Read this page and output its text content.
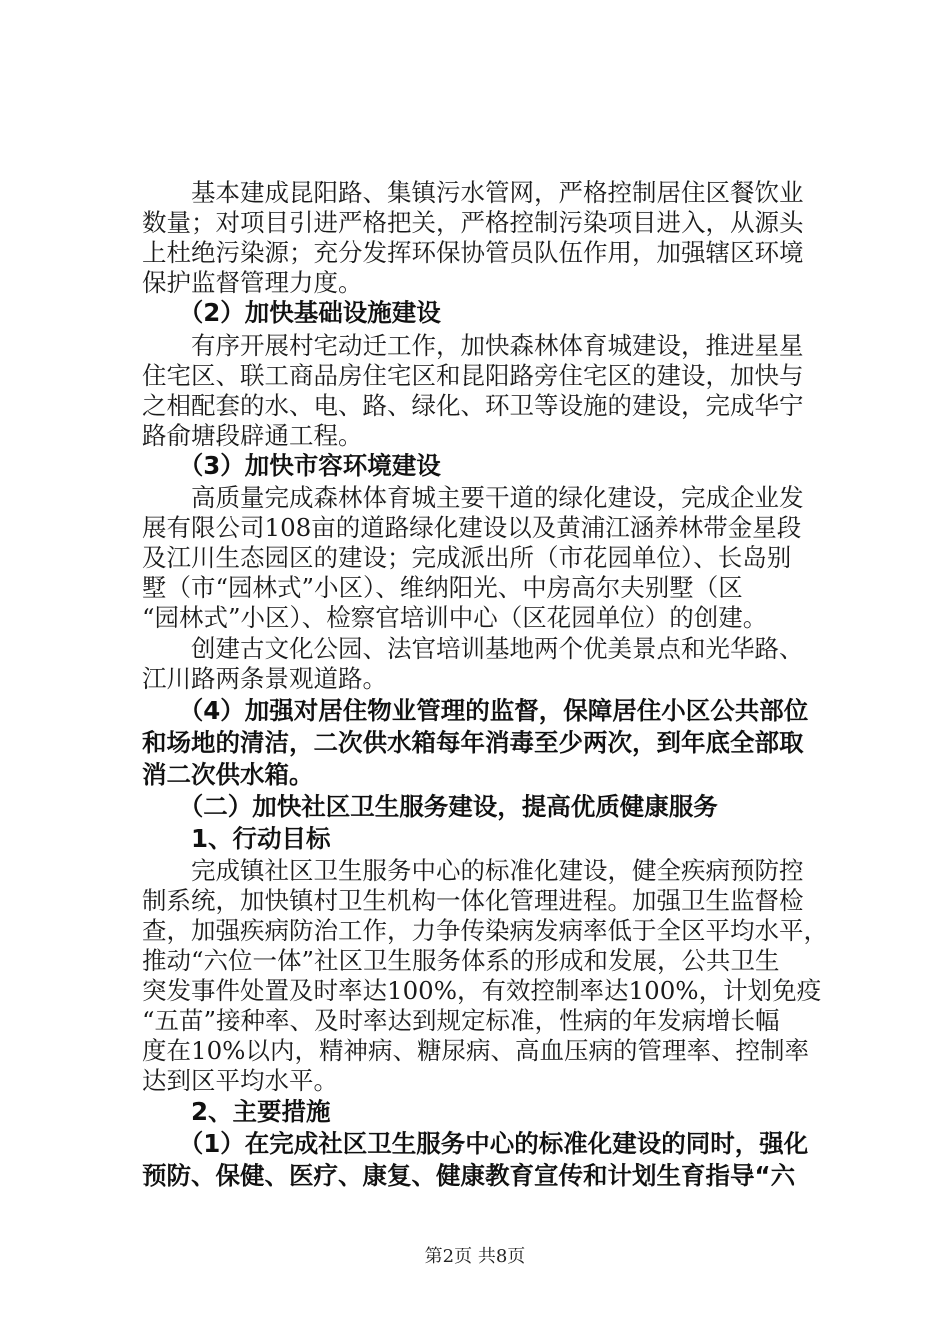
　　基本建成昆阳路、集镇污水管网，严格控制居住区餐饮业
数量；对项目引进严格把关，严格控制污染项目进入，从源头
上杜绝污染源；充分发挥环保协管员队伍作用，加强辖区环境
保护监督管理力度。
　　（2）加快基础设施建设
　　有序开展村宅动迁工作，加快森林体育城建设，推进星星
住宅区、联工商品房住宅区和昆阳路旁住宅区的建设，加快与
之相配套的水、电、路、绿化、环卫等设施的建设，完成华宁
路俞塘段辟通工程。
　　（3）加快市容环境建设
　　高质量完成森林体育城主要干道的绿化建设，完成企业发
展有限公司108亩的道路绿化建设以及黄浦江涵养林带金星段
及江川生态园区的建设；完成派出所（市花园单位）、长岛别
墅（市“园林式”小区）、维纳阳光、中房高尔夫别墅（区
“园林式”小区）、检察官培训中心（区花园单位）的创建。
　　创建古文化公园、法官培训基地两个优美景点和光华路、
江川路两条景观道路。
　　（4）加强对居住物业管理的监督，保障居住小区公共部位
和场地的清洁，二次供水箱每年消毒至少两次，到年底全部取
消二次供水箱。
　　（二）加快社区卫生服务建设，提高优质健康服务
　　1、行动目标
　　完成镇社区卫生服务中心的标准化建设，健全疾病预防控
制系统，加快镇村卫生机构一体化管理进程。加强卫生监督检
查，加强疾病防治工作，力争传染病发病率低于全区平均水平，
推动“六位一体”社区卫生服务体系的形成和发展，公共卫生
突发事件处置及时率达100%，有效控制率达100%，计划免疫
“五苗”接种率、及时率达到规定标准，性病的年发病增长幅
度在10%以内，精神病、糖尿病、高血压病的管理率、控制率
达到区平均水平。
　　2、主要措施
　　（1）在完成社区卫生服务中心的标准化建设的同时，强化
预防、保健、医疗、康复、健康教育宣传和计划生育指导“六
第2页 共8页
